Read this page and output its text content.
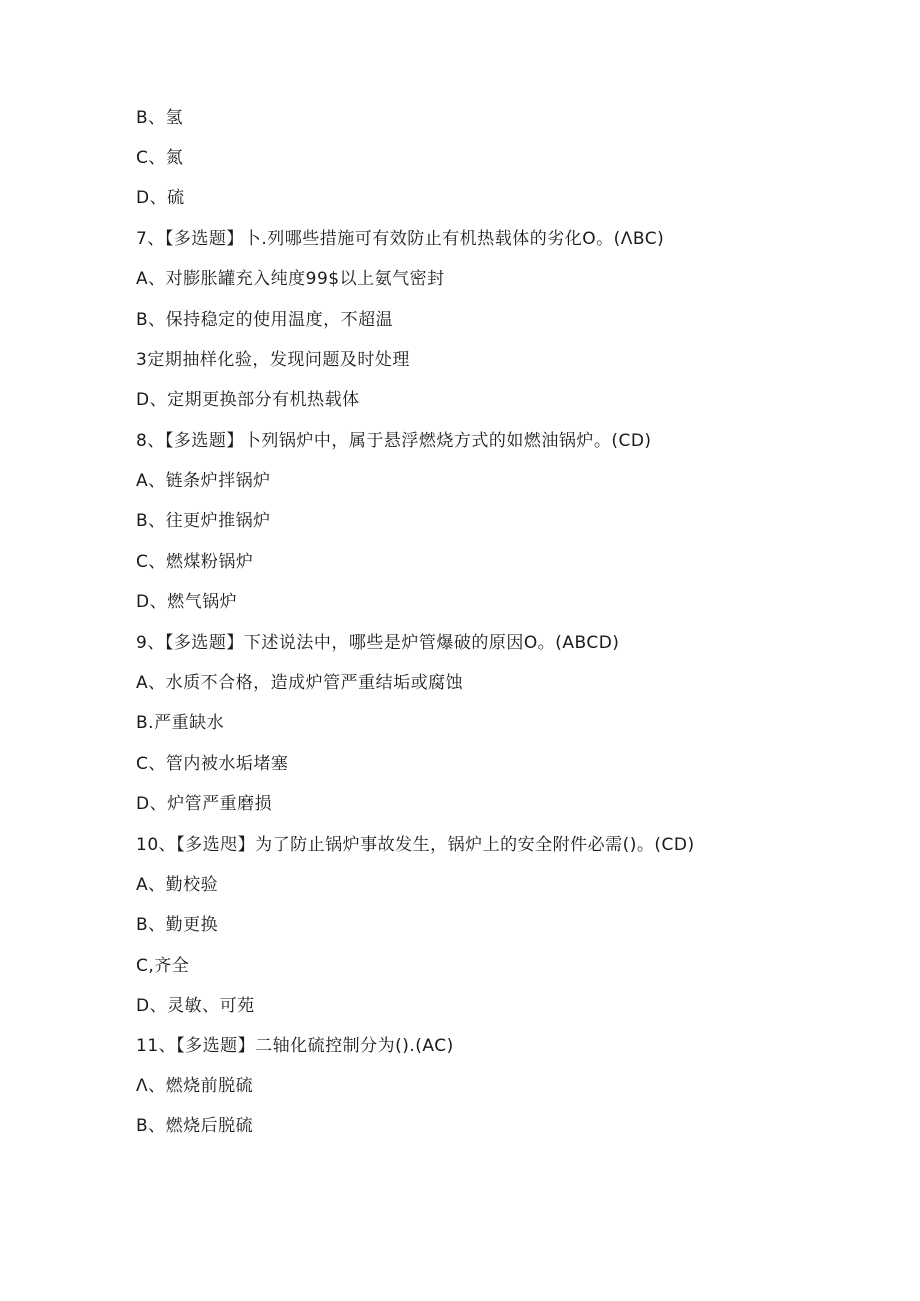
B、氢
C、氮
D、硫
7、【多选题】卜.列哪些措施可有效防止有机热载体的劣化O。(ΛBC)
A、对膨胀罐充入纯度99$以上氨气密封
B、保持稳定的使用温度，不超温
3定期抽样化验，发现问题及时处理
D、定期更换部分有机热载体
8、【多选题】卜列锅炉中，属于悬浮燃烧方式的如燃油锅炉。(CD)
A、链条炉拌锅炉
B、往更炉推锅炉
C、燃煤粉锅炉
D、燃气锅炉
9、【多选题】下述说法中，哪些是炉管爆破的原因O。(ABCD)
A、水质不合格，造成炉管严重结垢或腐蚀
B.严重缺水
C、管内被水垢堵塞
D、炉管严重磨损
10、【多选咫】为了防止锅炉事故发生，锅炉上的安全附件必需()。(CD)
A、勤校验
B、勤更换
C,齐全
D、灵敏、可苑
11、【多选题】二轴化硫控制分为().(AC)
Λ、燃烧前脱硫
B、燃烧后脱硫
